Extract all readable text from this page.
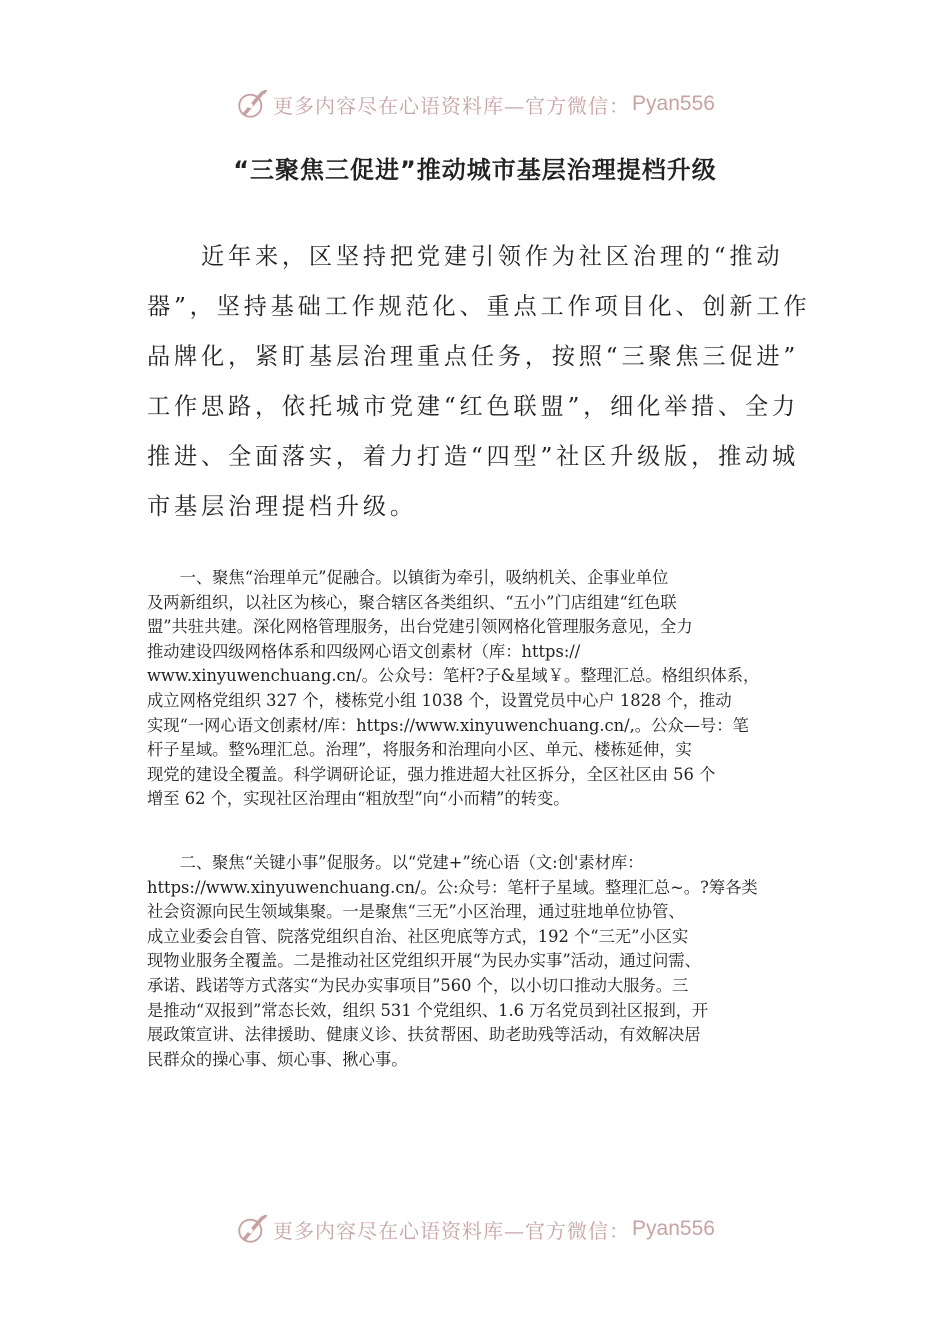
更多内容尽在心语资料库—官方微信： Pyan556
“三聚焦三促进”推动城市基层治理提档升级
　　近年来，区坚持把党建引领作为社区治理的“推动
器”，坚持基础工作规范化、重点工作项目化、创新工作
品牌化，紧盯基层治理重点任务，按照“三聚焦三促进”
工作思路，依托城市党建“红色联盟”，细化举措、全力
推进、全面落实，着力打造“四型”社区升级版，推动城
市基层治理提档升级。
　　一、聚焦“治理单元”促融合。以镇街为牵引，吸纳机关、企事业单位
及两新组织，以社区为核心，聚合辖区各类组织、“五小”门店组建“红色联
盟”共驻共建。深化网格管理服务，出台党建引领网格化管理服务意见，全力
推动建设四级网格体系和四级网心语文创素材（库：https://
www.xinyuwenchuang.cn/。公众号：笔杆?子&星域￥。整理汇总。格组织体系，
成立网格党组织 327 个，楼栋党小组 1038 个，设置党员中心户 1828 个，推动
实现“一网心语文创素材/库：https://www.xinyuwenchuang.cn/,。公众—号：笔
杆子星域。整%理汇总。治理”，将服务和治理向小区、单元、楼栋延伸，实
现党的建设全覆盖。科学调研论证，强力推进超大社区拆分，全区社区由 56 个
增至 62 个，实现社区治理由“粗放型”向“小而精”的转变。
　　二、聚焦“关键小事”促服务。以“党建+”统心语（文:创'素材库：
https://www.xinyuwenchuang.cn/。公:众号：笔杆子星域。整理汇总~。?筹各类
社会资源向民生领域集聚。一是聚焦“三无”小区治理，通过驻地单位协管、
成立业委会自管、院落党组织自治、社区兜底等方式，192 个“三无”小区实
现物业服务全覆盖。二是推动社区党组织开展“为民办实事”活动，通过问需、
承诺、践诺等方式落实“为民办实事项目”560 个，以小切口推动大服务。三
是推动“双报到”常态长效，组织 531 个党组织、1.6 万名党员到社区报到，开
展政策宣讲、法律援助、健康义诊、扶贫帮困、助老助残等活动，有效解决居
民群众的操心事、烦心事、揪心事。
更多内容尽在心语资料库—官方微信： Pyan556
